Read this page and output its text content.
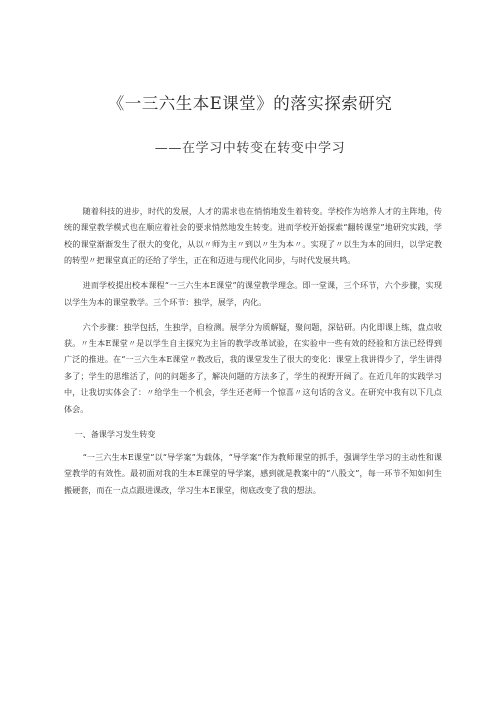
《一三六生本E课堂》的落实探索研究
——在学习中转变在转变中学习

随着科技的进步，时代的发展，人才的需求也在悄悄地发生着转变。学校作为培养人才的主阵地，传统的课堂教学模式也在顺应着社会的要求悄然地发生转变。进而学校开始探索“翻转课堂”地研究实践，学校的课堂渐渐发生了很大的变化，从以〃师为主〃到以〃生为本〃。实现了〃以生为本的回归，以学定教的转型〃把课堂真正的还给了学生，正在和迈进与现代化同步，与时代发展共鸣。

进而学校提出校本课程“一三六生本E课堂”的课堂教学理念。即一堂课，三个环节，六个步骤，实现以学生为本的课堂教学。三个环节：独学，展学，内化。

六个步骤：独学包括，生独学，自检测。展学分为质解疑，聚问题，深钻研。内化即课上练，盘点收获。〃生本E课堂〃是以学生自主探究为主旨的教学改革试验，在实验中一些有效的经验和方法已经得到广泛的推进。在“一三六生本E课堂〃教改后，我的课堂发生了很大的变化：课堂上我讲得少了，学生讲得多了；学生的思维活了，问的问题多了，解决问题的方法多了，学生的视野开阔了。在近几年的实践学习中，让我切实体会了：〃给学生一个机会，学生还老师一个惊喜〃这句话的含义。在研究中我有以下几点体会。

一、备课学习发生转变

“一三六生本E课堂”以“导学案”为载体，“导学案”作为教师课堂的抓手，强调学生学习的主动性和课堂教学的有效性。最初面对我的生本E课堂的导学案，感到就是教案中的“八股文”，每一环节不知如何生搬硬套，而在一点点跟进课改，学习生本E课堂，彻底改变了我的想法。
